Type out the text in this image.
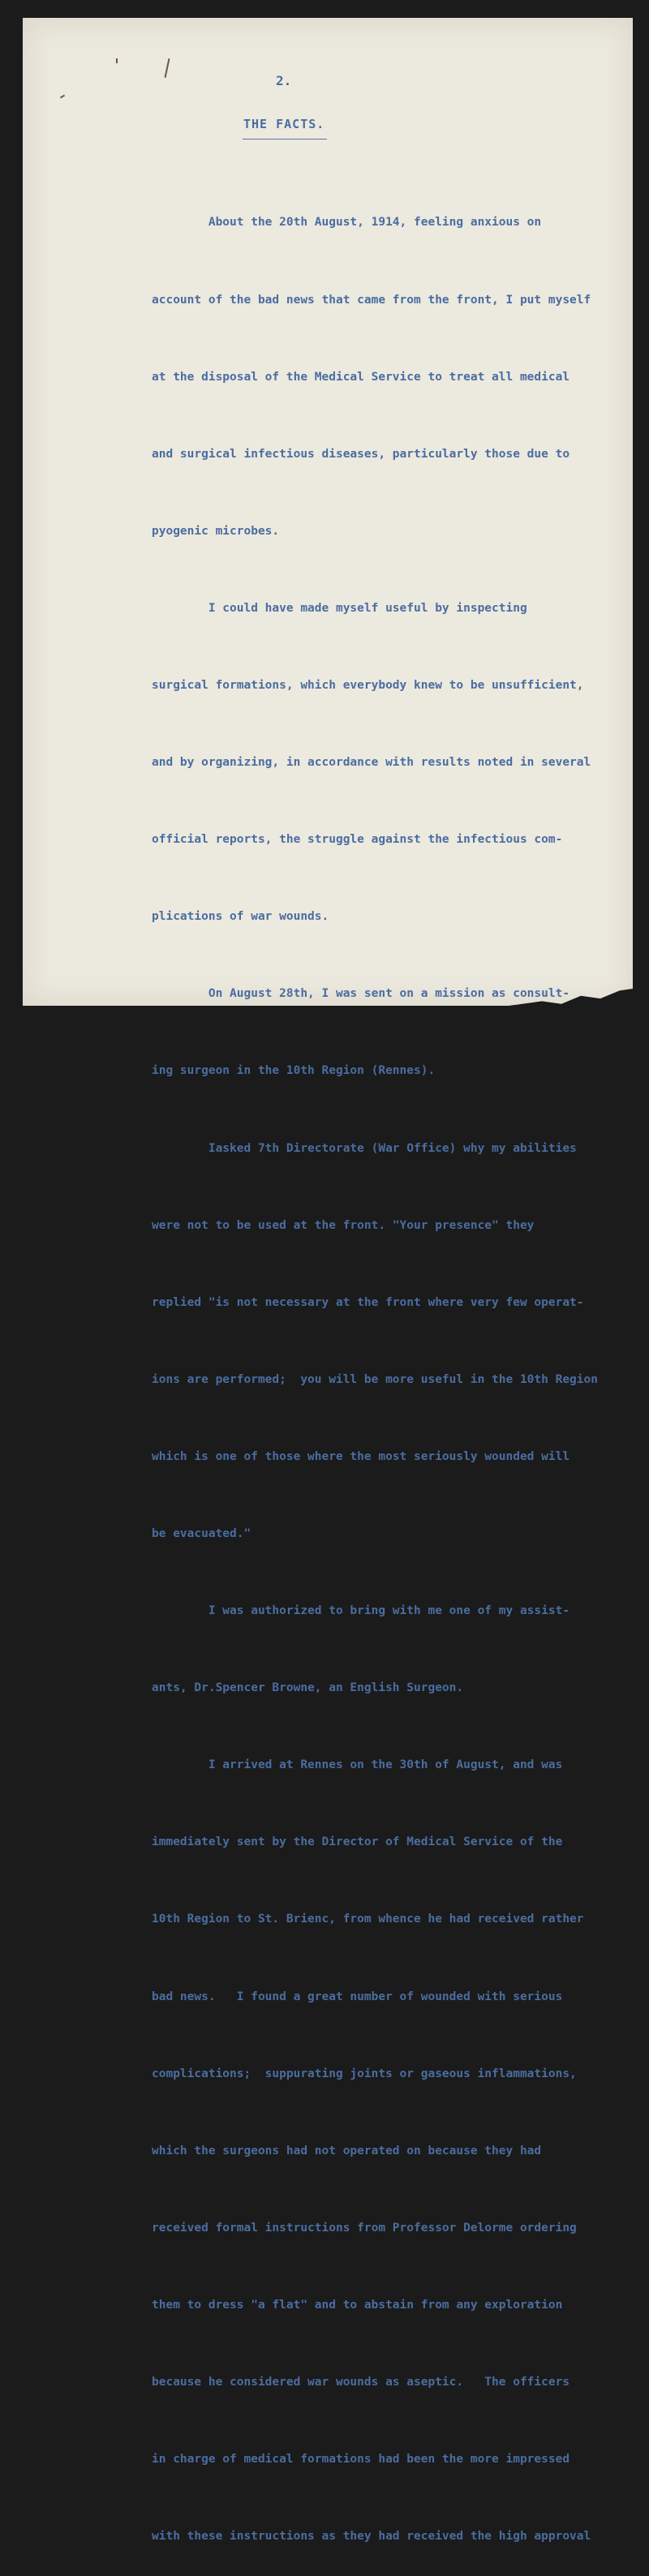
2.
THE FACTS.

About the 20th August, 1914, feeling anxious on

account of the bad news that came from the front, I put myself

at the disposal of the Medical Service to treat all medical

and surgical infectious diseases, particularly those due to

pyogenic microbes.

I could have made myself useful by inspecting

surgical formations, which everybody knew to be unsufficient,

and by organizing, in accordance with results noted in several

official reports, the struggle against the infectious com-

plications of war wounds.

On August 28th, I was sent on a mission as consult-

ing surgeon in the 10th Region (Rennes).

Iasked 7th Directorate (War Office) why my abilities

were not to be used at the front. "Your presence" they

replied "is not necessary at the front where very few operat-

ions are performed;  you will be more useful in the 10th Region

which is one of those where the most seriously wounded will

be evacuated."

I was authorized to bring with me one of my assist-

ants, Dr.Spencer Browne, an English Surgeon.

I arrived at Rennes on the 30th of August, and was

immediately sent by the Director of Medical Service of the

10th Region to St. Brienc, from whence he had received rather

bad news.   I found a great number of wounded with serious

complications;  suppurating joints or gaseous inflammations,

which the surgeons had not operated on because they had

received formal instructions from Professor Delorme ordering

them to dress "a flat" and to abstain from any exploration

because he considered war wounds as aseptic.   The officers

in charge of medical formations had been the more impressed

with these instructions as they had received the high approval
